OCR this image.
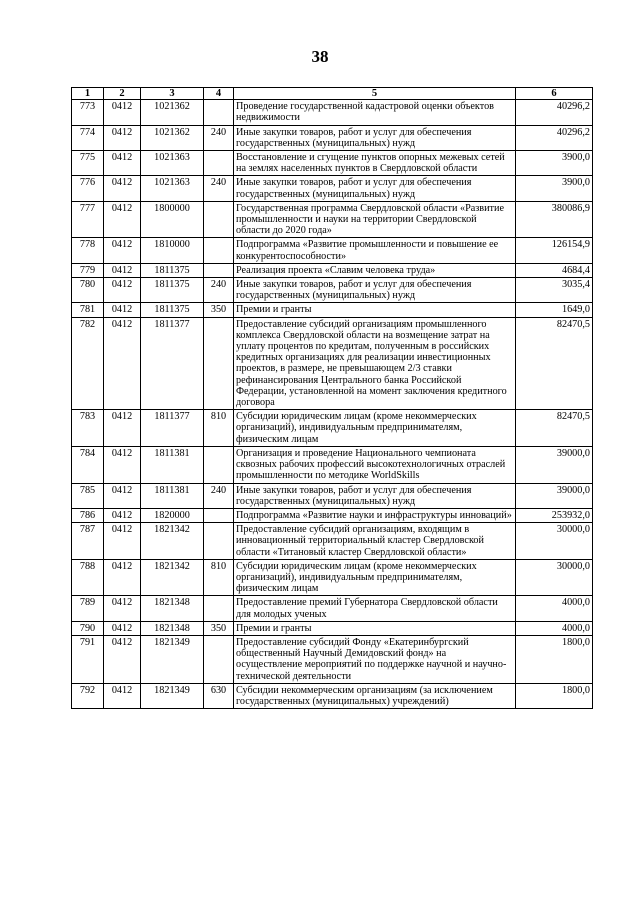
38
1	2	3	4	5	6
773	0412	1021362		Проведение государственной кадастровой оценки объектов недвижимости	40296,2
774	0412	1021362	240	Иные закупки товаров, работ и услуг для обеспечения государственных (муниципальных) нужд	40296,2
775	0412	1021363		Восстановление и сгущение пунктов опорных межевых сетей на землях населенных пунктов в Свердловской области	3900,0
776	0412	1021363	240	Иные закупки товаров, работ и услуг для обеспечения государственных (муниципальных) нужд	3900,0
777	0412	1800000		Государственная программа Свердловской области «Развитие промышленности и науки на территории Свердловской области до 2020 года»	380086,9
778	0412	1810000		Подпрограмма «Развитие промышленности и повышение ее конкурентоспособности»	126154,9
779	0412	1811375		Реализация проекта «Славим человека труда»	4684,4
780	0412	1811375	240	Иные закупки товаров, работ и услуг для обеспечения государственных (муниципальных) нужд	3035,4
781	0412	1811375	350	Премии и гранты	1649,0
782	0412	1811377		Предоставление субсидий организациям промышленного комплекса Свердловской области на возмещение затрат на уплату процентов по кредитам, полученным в российских кредитных организациях для реализации инвестиционных проектов, в размере, не превышающем 2/3 ставки рефинансирования Центрального банка Российской Федерации, установленной на момент заключения кредитного договора	82470,5
783	0412	1811377	810	Субсидии юридическим лицам (кроме некоммерческих организаций), индивидуальным предпринимателям, физическим лицам	82470,5
784	0412	1811381		Организация и проведение Национального чемпионата сквозных рабочих профессий высокотехнологичных отраслей промышленности по методике WorldSkills	39000,0
785	0412	1811381	240	Иные закупки товаров, работ и услуг для обеспечения государственных (муниципальных) нужд	39000,0
786	0412	1820000		Подпрограмма «Развитие науки и инфраструктуры инноваций»	253932,0
787	0412	1821342		Предоставление субсидий организациям, входящим в инновационный территориальный кластер Свердловской области «Титановый кластер Свердловской области»	30000,0
788	0412	1821342	810	Субсидии юридическим лицам (кроме некоммерческих организаций), индивидуальным предпринимателям, физическим лицам	30000,0
789	0412	1821348		Предоставление премий Губернатора Свердловской области для молодых ученых	4000,0
790	0412	1821348	350	Премии и гранты	4000,0
791	0412	1821349		Предоставление субсидий Фонду «Екатеринбургский общественный Научный Демидовский фонд» на осуществление мероприятий по поддержке научной и научно-технической деятельности	1800,0
792	0412	1821349	630	Субсидии некоммерческим организациям (за исключением государственных (муниципальных) учреждений)	1800,0
